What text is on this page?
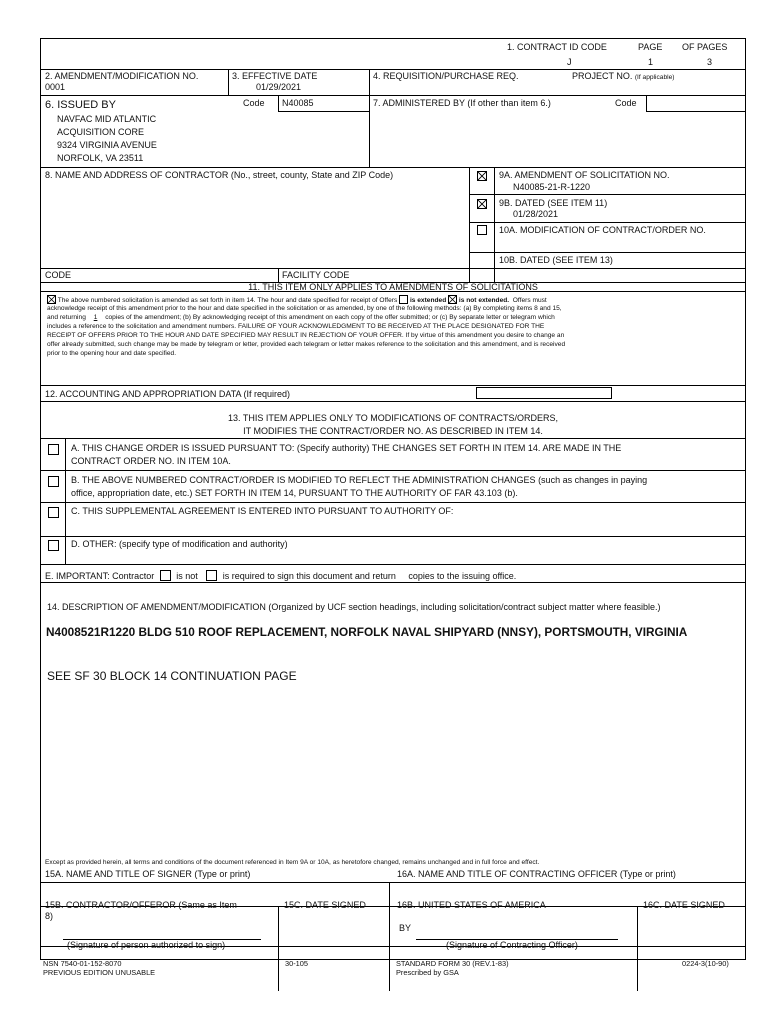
1. CONTRACT ID CODE
J
PAGE
1
OF PAGES
3
2. AMENDMENT/MODIFICATION NO.
0001
3. EFFECTIVE DATE
01/29/2021
4. REQUISITION/PURCHASE REQ.	PROJECT NO. (If applicable)
6. ISSUED BY	Code N40085
NAVFAC MID ATLANTIC
ACQUISITION CORE
9324 VIRGINIA AVENUE
NORFOLK, VA 23511
7. ADMINISTERED BY (If other than item 6.)	Code
8. NAME AND ADDRESS OF CONTRACTOR (No., street, county, State and ZIP Code)	9A. AMENDMENT OF SOLICITATION NO.
N40085-21-R-1220
9B. DATED (SEE ITEM 11)
01/28/2021
10A. MODIFICATION OF CONTRACT/ORDER NO.
10B. DATED (SEE ITEM 13)
CODE	FACILITY CODE
11. THIS ITEM ONLY APPLIES TO AMENDMENTS OF SOLICITATIONS
The above numbered solicitation is amended as set forth in item 14. The hour and date specified for receipt of Offers is extended is not extended. Offers must
acknowledge receipt of this amendment prior to the hour and date specified in the solicitation or as amended, by one of the following methods: (a) By completing items 8 and 15,
and returning 1 copies of the amendment; (b) By acknowledging receipt of this amendment on each copy of the offer submitted; or (c) By separate letter or telegram which
includes a reference to the solicitation and amendment numbers. FAILURE OF YOUR ACKNOWLEDGMENT TO BE RECEIVED AT THE PLACE DESIGNATED FOR THE
RECEIPT OF OFFERS PRIOR TO THE HOUR AND DATE SPECIFIED MAY RESULT IN REJECTION OF YOUR OFFER. If by virtue of this amendment you desire to change an
offer already submitted, such change may be made by telegram or letter, provided each telegram or letter makes reference to the solicitation and this amendment, and is received
prior to the opening hour and date specified.
12. ACCOUNTING AND APPROPRIATION DATA (If required)
13. THIS ITEM APPLIES ONLY TO MODIFICATIONS OF CONTRACTS/ORDERS,
IT MODIFIES THE CONTRACT/ORDER NO. AS DESCRIBED IN ITEM 14.
A. THIS CHANGE ORDER IS ISSUED PURSUANT TO: (Specify authority) THE CHANGES SET FORTH IN ITEM 14. ARE MADE IN THE
CONTRACT ORDER NO. IN ITEM 10A.
B. THE ABOVE NUMBERED CONTRACT/ORDER IS MODIFIED TO REFLECT THE ADMINISTRATION CHANGES (such as changes in paying
office, appropriation date, etc.) SET FORTH IN ITEM 14, PURSUANT TO THE AUTHORITY OF FAR 43.103 (b).
C. THIS SUPPLEMENTAL AGREEMENT IS ENTERED INTO PURSUANT TO AUTHORITY OF:
D. OTHER: (specify type of modification and authority)
E. IMPORTANT: Contractor is not	is required to sign this document and return copies to the issuing office.
14. DESCRIPTION OF AMENDMENT/MODIFICATION (Organized by UCF section headings, including solicitation/contract subject matter where feasible.)
N4008521R1220 BLDG 510 ROOF REPLACEMENT, NORFOLK NAVAL SHIPYARD (NNSY), PORTSMOUTH, VIRGINIA
SEE SF 30 BLOCK 14 CONTINUATION PAGE
Except as provided herein, all terms and conditions of the document referenced in Item 9A or 10A, as heretofore changed, remains unchanged and in full force and effect.
15A. NAME AND TITLE OF SIGNER (Type or print)	16A. NAME AND TITLE OF CONTRACTING OFFICER (Type or print)
15B. CONTRACTOR/OFFEROR (Same as Item
8)
15C. DATE SIGNED	16B. UNITED STATES OF AMERICA	16C. DATE SIGNED
BY
(Signature of person authorized to sign)	(Signature of Contracting Officer)
NSN 7540-01-152-8070
PREVIOUS EDITION UNUSABLE
30-105	STANDARD FORM 30 (REV.1-83)
Prescribed by GSA
0224-3(10-90)
